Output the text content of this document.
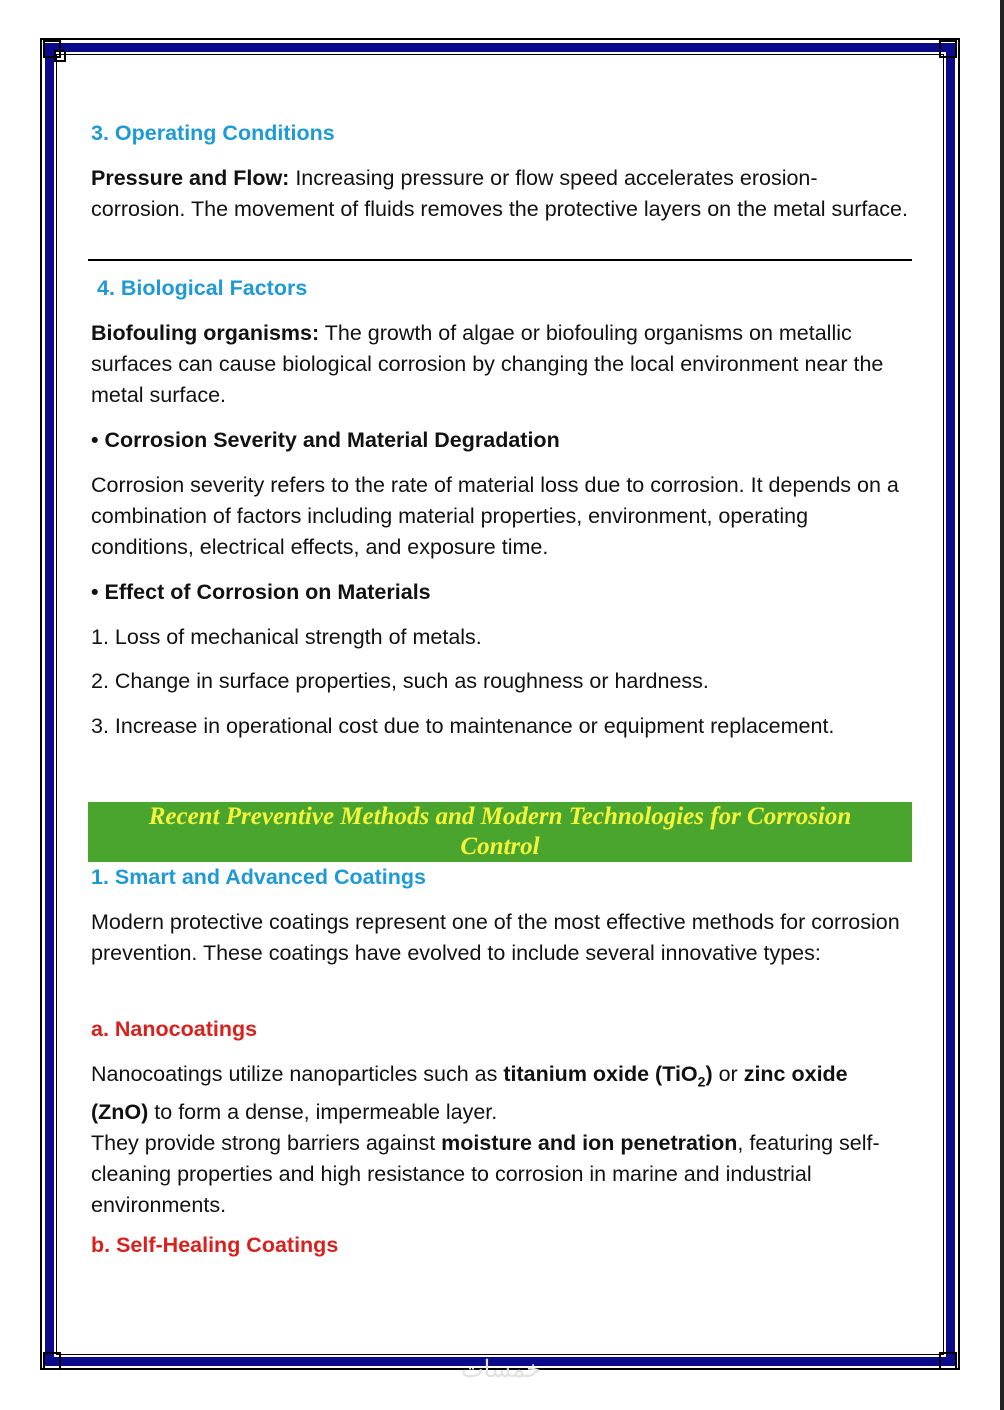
3. Operating Conditions
Pressure and Flow: Increasing pressure or flow speed accelerates erosion-corrosion. The movement of fluids removes the protective layers on the metal surface.
4. Biological Factors
Biofouling organisms: The growth of algae or biofouling organisms on metallic surfaces can cause biological corrosion by changing the local environment near the metal surface.
• Corrosion Severity and Material Degradation
Corrosion severity refers to the rate of material loss due to corrosion. It depends on a combination of factors including material properties, environment, operating conditions, electrical effects, and exposure time.
• Effect of Corrosion on Materials
1. Loss of mechanical strength of metals.
2. Change in surface properties, such as roughness or hardness.
3. Increase in operational cost due to maintenance or equipment replacement.
Recent Preventive Methods and Modern Technologies for Corrosion
Control
1. Smart and Advanced Coatings
Modern protective coatings represent one of the most effective methods for corrosion prevention. These coatings have evolved to include several innovative types:
a. Nanocoatings
Nanocoatings utilize nanoparticles such as titanium oxide (TiO$_2$) or zinc oxide (ZnO) to form a dense, impermeable layer.
They provide strong barriers against moisture and ion penetration, featuring self-cleaning properties and high resistance to corrosion in marine and industrial environments.
b. Self-Healing Coatings
خمسات
